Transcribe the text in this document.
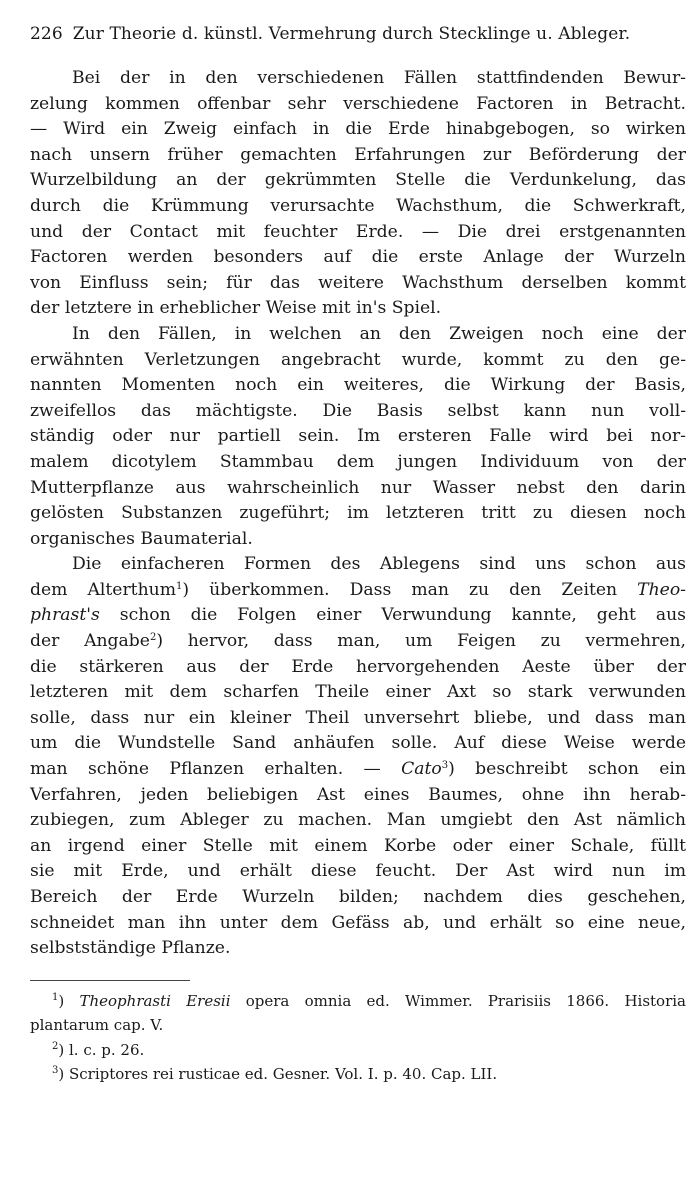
226 Zur Theorie d. künstl. Vermehrung durch Stecklinge u. Ableger.
Bei der in den verschiedenen Fällen stattfindenden Bewur-
zelung kommen offenbar sehr verschiedene Factoren in Betracht.
— Wird ein Zweig einfach in die Erde hinabgebogen, so wirken
nach unsern früher gemachten Erfahrungen zur Beförderung der
Wurzelbildung an der gekrümmten Stelle die Verdunkelung, das
durch die Krümmung verursachte Wachsthum, die Schwerkraft,
und der Contact mit feuchter Erde. — Die drei erstgenannten
Factoren werden besonders auf die erste Anlage der Wurzeln
von Einfluss sein; für das weitere Wachsthum derselben kommt
der letztere in erheblicher Weise mit in's Spiel.
In den Fällen, in welchen an den Zweigen noch eine der
erwähnten Verletzungen angebracht wurde, kommt zu den ge-
nannten Momenten noch ein weiteres, die Wirkung der Basis,
zweifellos das mächtigste. Die Basis selbst kann nun voll-
ständig oder nur partiell sein. Im ersteren Falle wird bei nor-
malem dicotylem Stammbau dem jungen Individuum von der
Mutterpflanze aus wahrscheinlich nur Wasser nebst den darin
gelösten Substanzen zugeführt; im letzteren tritt zu diesen noch
organisches Baumaterial.
Die einfacheren Formen des Ablegens sind uns schon aus
dem Alterthum$^1$) überkommen. Dass man zu den Zeiten Theo-
phrast's schon die Folgen einer Verwundung kannte, geht aus
der Angabe$^2$) hervor, dass man, um Feigen zu vermehren,
die stärkeren aus der Erde hervorgehenden Aeste über der
letzteren mit dem scharfen Theile einer Axt so stark verwunden
solle, dass nur ein kleiner Theil unversehrt bliebe, und dass man
um die Wundstelle Sand anhäufen solle. Auf diese Weise werde
man schöne Pflanzen erhalten. — Cato$^3$) beschreibt schon ein
Verfahren, jeden beliebigen Ast eines Baumes, ohne ihn herab-
zubiegen, zum Ableger zu machen. Man umgiebt den Ast nämlich
an irgend einer Stelle mit einem Korbe oder einer Schale, füllt
sie mit Erde, und erhält diese feucht. Der Ast wird nun im
Bereich der Erde Wurzeln bilden; nachdem dies geschehen,
schneidet man ihn unter dem Gefäss ab, und erhält so eine neue,
selbstständige Pflanze.
$^1$) Theophrasti Eresii opera omnia ed. Wimmer. Prarisiis 1866. Historia
plantarum cap. V.
$^2$) l. c. p. 26.
$^3$) Scriptores rei rusticae ed. Gesner. Vol. I. p. 40. Cap. LII.
